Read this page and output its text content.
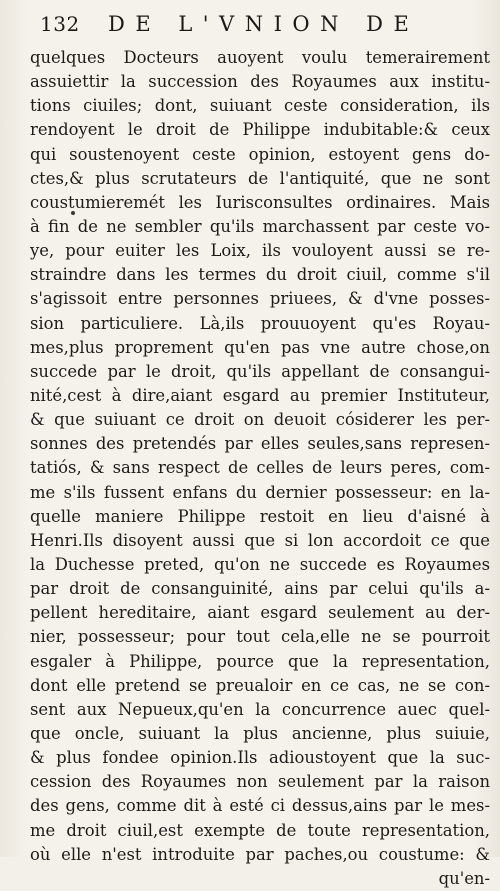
132 DE L'VNION DE
quelques Docteurs auoyent voulu temerairement
assuiettir la succession des Royaumes aux institu-
tions ciuiles; dont, suiuant ceste consideration, ils
rendoyent le droit de Philippe indubitable:& ceux
qui soustenoyent ceste opinion, estoyent gens do-
ctes,& plus scrutateurs de l'antiquité, que ne sont
coustumieremét les Iurisconsultes ordinaires. Mais
à fin de ne sembler qu'ils marchassent par ceste vo-
ye, pour euiter les Loix, ils vouloyent aussi se re-
straindre dans les termes du droit ciuil, comme s'il
s'agissoit entre personnes priuees, & d'vne posses-
sion particuliere. Là,ils prouuoyent qu'es Royau-
mes,plus proprement qu'en pas vne autre chose,on
succede par le droit, qu'ils appellant de consangui-
nité,cest à dire,aiant esgard au premier Instituteur,
& que suiuant ce droit on deuoit cósiderer les per-
sonnes des pretendés par elles seules,sans represen-
tatiós, & sans respect de celles de leurs peres, com-
me s'ils fussent enfans du dernier possesseur: en la-
quelle maniere Philippe restoit en lieu d'aisné à
Henri.Ils disoyent aussi que si lon accordoit ce que
la Duchesse preted, qu'on ne succede es Royaumes
par droit de consanguinité, ains par celui qu'ils a-
pellent hereditaire, aiant esgard seulement au der-
nier, possesseur; pour tout cela,elle ne se pourroit
esgaler à Philippe, pource que la representation,
dont elle pretend se preualoir en ce cas, ne se con-
sent aux Nepueux,qu'en la concurrence auec quel-
que oncle, suiuant la plus ancienne, plus suiuie,
& plus fondee opinion.Ils adioustoyent que la suc-
cession des Royaumes non seulement par la raison
des gens, comme dit à esté ci dessus,ains par le mes-
me droit ciuil,est exempte de toute representation,
où elle n'est introduite par paches,ou coustume: &
qu'en-
